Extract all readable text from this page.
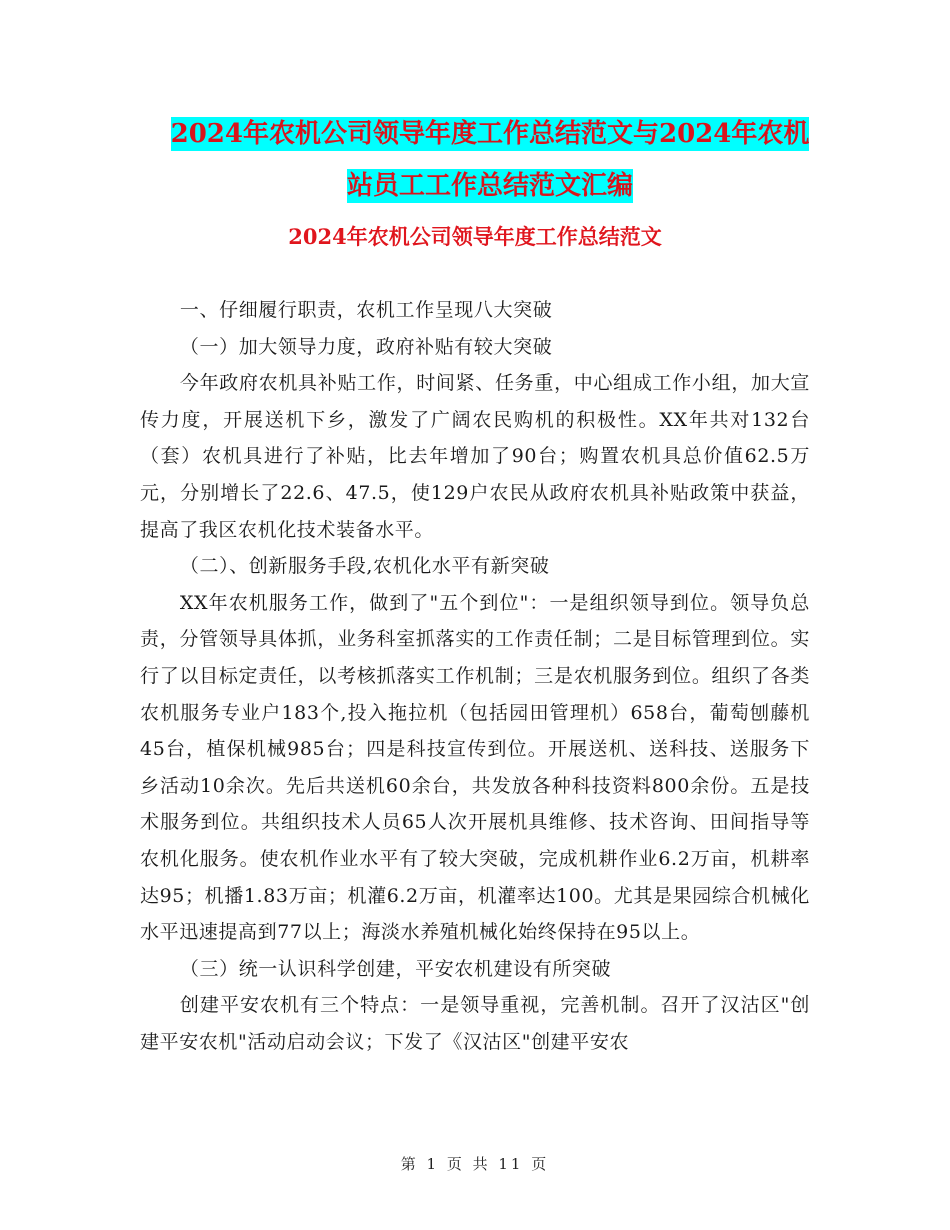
2024年农机公司领导年度工作总结范文与2024年农机
站员工工作总结范文汇编
2024年农机公司领导年度工作总结范文

一、仔细履行职责，农机工作呈现八大突破

（一）加大领导力度，政府补贴有较大突破

今年政府农机具补贴工作，时间紧、任务重，中心组成工作小组，加大宣传力度，开展送机下乡，激发了广阔农民购机的积极性。XX年共对132台（套）农机具进行了补贴，比去年增加了90台；购置农机具总价值62.5万元，分别增长了22.6、47.5，使129户农民从政府农机具补贴政策中获益，提高了我区农机化技术装备水平。

（二）、创新服务手段,农机化水平有新突破

XX年农机服务工作，做到了"五个到位"：一是组织领导到位。领导负总责，分管领导具体抓，业务科室抓落实的工作责任制；二是目标管理到位。实行了以目标定责任，以考核抓落实工作机制；三是农机服务到位。组织了各类农机服务专业户183个,投入拖拉机（包括园田管理机）658台，葡萄刨藤机45台，植保机械985台；四是科技宣传到位。开展送机、送科技、送服务下乡活动10余次。先后共送机60余台，共发放各种科技资料800余份。五是技术服务到位。共组织技术人员65人次开展机具维修、技术咨询、田间指导等农机化服务。使农机作业水平有了较大突破，完成机耕作业6.2万亩，机耕率达95；机播1.83万亩；机灌6.2万亩，机灌率达100。尤其是果园综合机械化水平迅速提高到77以上；海淡水养殖机械化始终保持在95以上。

（三）统一认识科学创建，平安农机建设有所突破

创建平安农机有三个特点：一是领导重视，完善机制。召开了汉沽区"创建平安农机"活动启动会议；下发了《汉沽区"创建平安农

第 1 页 共 11 页
